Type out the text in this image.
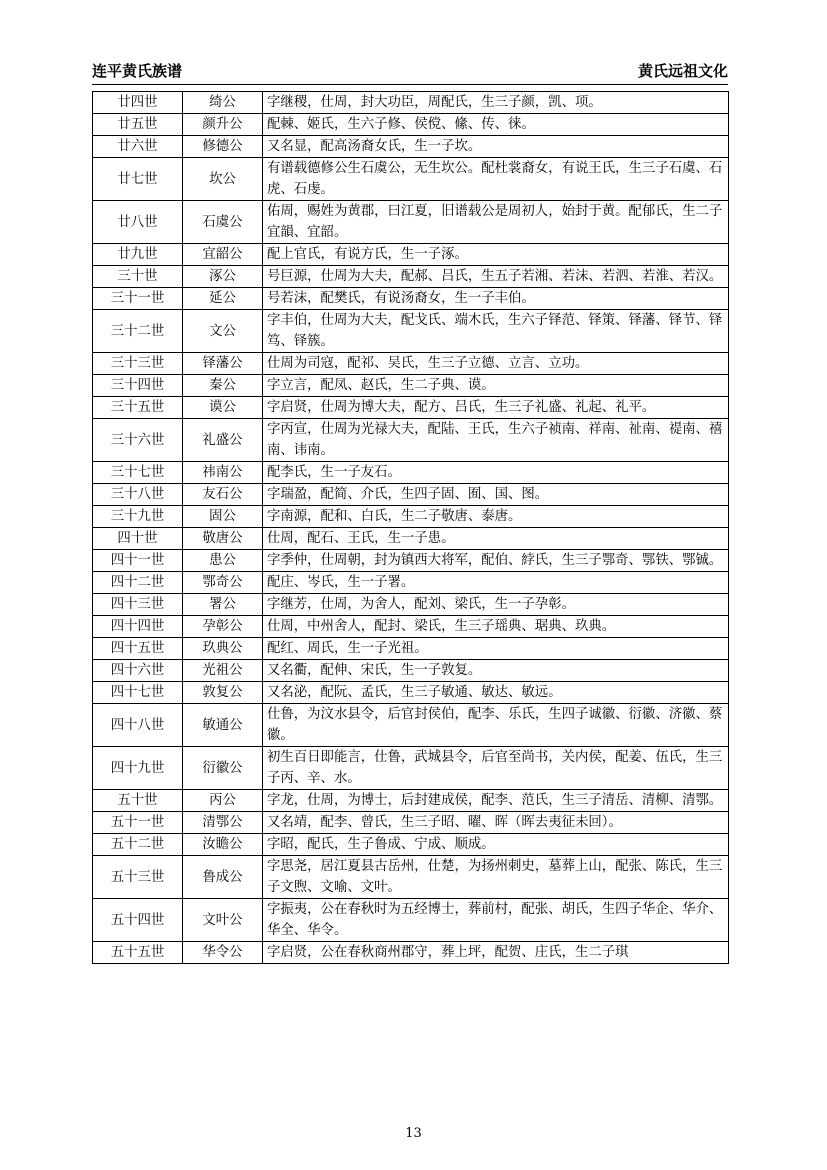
连平黄氏族谱	黄氏远祖文化
廿四世	绮公	字继稷，仕周，封大功臣，周配氏，生三子颜，凯、项。
廿五世	颜升公	配棘、姬氏，生六子修、侯傥、絛、传、徕。
廿六世	修德公	又名显，配高汤裔女氏，生一子坎。
廿七世	坎公	有谱载德修公生石虞公，无生坎公。配杜裳裔女，有说王氏，生三子石虞、石虎、石虔。
廿八世	石虞公	佑周，赐姓为黄郡，曰江夏，旧谱载公是周初人，始封于黄。配郁氏，生二子宜韻、宜韶。
廿九世	宜韶公	配上官氏，有说方氏，生一子涿。
三十世	涿公	号巨源，仕周为大夫，配郝、吕氏，生五子若湘、若沫、若泗、若淮、若汉。
三十一世	延公	号若沫，配樊氏，有说汤裔女，生一子丰伯。
三十二世	文公	字丰伯，仕周为大夫，配戈氏、端木氏，生六子铎范、铎策、铎藩、铎节、铎笃、铎簇。
三十三世	铎藩公	仕周为司寇，配祁、吴氏，生三子立德、立言、立功。
三十四世	秦公	字立言，配凤、赵氏，生二子典、谟。
三十五世	谟公	字启贤，仕周为博大夫，配方、吕氏，生三子礼盛、礼起、礼平。
三十六世	礼盛公	字丙宣，仕周为光禄大夫，配陆、王氏，生六子祯南、祥南、祉南、禔南、禧南、讳南。
三十七世	祎南公	配李氏，生一子友石。
三十八世	友石公	字瑞盈，配简、介氏，生四子固、囿、国、图。
三十九世	固公	字南源，配和、白氏，生二子敬唐、泰唐。
四十世	敬唐公	仕周，配石、王氏，生一子患。
四十一世	患公	字季仲，仕周朝，封为镇西大将军，配伯、綍氏，生三子鄂奇、鄂铁、鄂铖。
四十二世	鄂奇公	配庄、岑氏，生一子署。
四十三世	署公	字继芳，仕周，为舍人，配刘、梁氏，生一子孕彰。
四十四世	孕彰公	仕周，中州舍人，配封、梁氏，生三子瑶典、琚典、玖典。
四十五世	玖典公	配红、周氏，生一子光祖。
四十六世	光祖公	又名衢，配伸、宋氏，生一子敦复。
四十七世	敦复公	又名泌，配阮、孟氏，生三子敏通、敏达、敏远。
四十八世	敏通公	仕鲁，为汶水县令，后官封侯伯，配李、乐氏，生四子诚徽、衍徽、济徽、蔡徽。
四十九世	衍徽公	初生百日即能言，仕鲁，武城县令，后官至尚书，关内侯，配姜、伍氏，生三子丙、辛、水。
五十世	丙公	字龙，仕周，为博士，后封建成侯，配李、范氏，生三子清岳、清柳、清鄂。
五十一世	清鄂公	又名靖，配李、曾氏，生三子昭、曜、晖（晖去夷征未回）。
五十二世	汝瞻公	字昭，配氏，生子鲁成、宁成、顺成。
五十三世	鲁成公	字思尧，居江夏县古岳州，仕楚，为扬州刺史，墓葬上山，配张、陈氏，生三子文煦、文喻、文叶。
五十四世	文叶公	字振夷，公在春秋时为五经博士，葬前村，配张、胡氏，生四子华企、华介、华全、华令。
五十五世	华令公	字启贤，公在春秋商州郡守，葬上坪，配贺、庄氏，生二子琪
13
